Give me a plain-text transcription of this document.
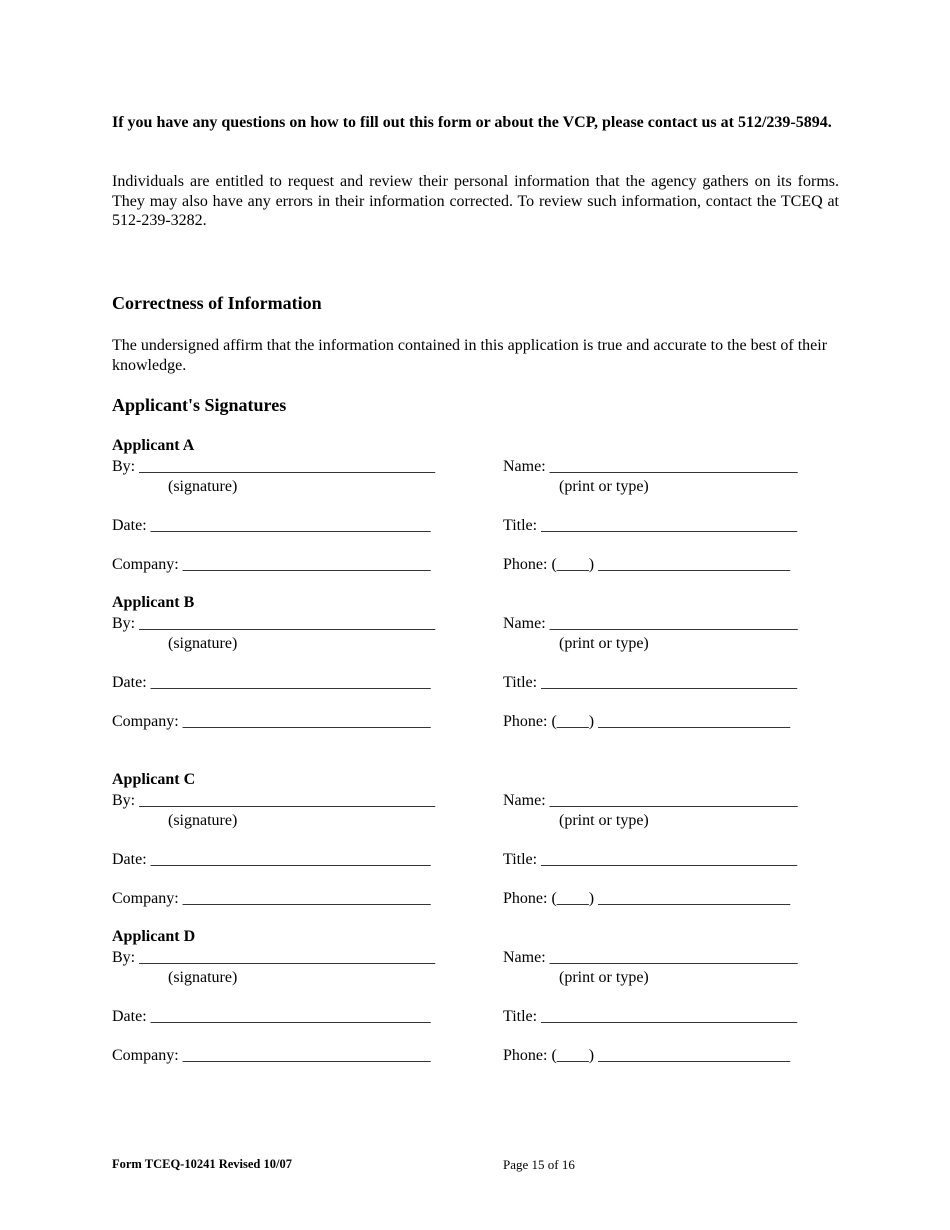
If you have any questions on how to fill out this form or about the VCP, please contact us at 512/239-5894.
Individuals are entitled to request and review their personal information that the agency gathers on its forms. They may also have any errors in their information corrected. To review such information, contact the TCEQ at 512-239-3282.
Correctness of Information
The undersigned affirm that the information contained in this application is true and accurate to the best of their knowledge.
Applicant's Signatures
Applicant A
By: _____________________________________
(signature)
Date: ___________________________________
Company: _______________________________
Name: _______________________________
(print or type)
Title: ________________________________
Phone: (____) ________________________
Applicant B
By: _____________________________________
(signature)
Date: ___________________________________
Company: _______________________________
Name: _______________________________
(print or type)
Title: ________________________________
Phone: (____) ________________________
Applicant C
By: _____________________________________
(signature)
Date: ___________________________________
Company: _______________________________
Name: _______________________________
(print or type)
Title: ________________________________
Phone: (____) ________________________
Applicant D
By: _____________________________________
(signature)
Date: ___________________________________
Company: _______________________________
Name: _______________________________
(print or type)
Title: ________________________________
Phone: (____) ________________________
Form TCEQ-10241 Revised 10/07	Page 15 of 16
